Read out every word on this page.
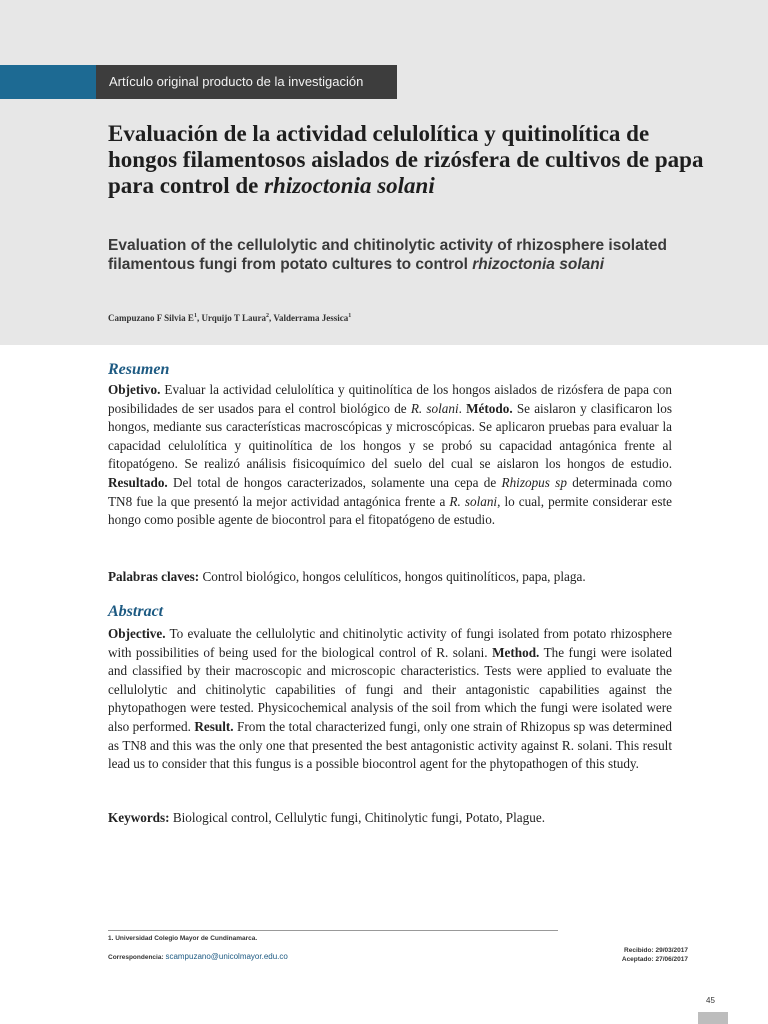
Artículo original producto de la investigación
Evaluación de la actividad celulolítica y quitinolítica de hongos filamentosos aislados de rizósfera de cultivos de papa para control de rhizoctonia solani
Evaluation of the cellulolytic and chitinolytic activity of rhizosphere isolated filamentous fungi from potato cultures to control rhizoctonia solani
Campuzano F Silvia $E^1$, Urquijo T Laura$^2$, Valderrama Jessica$^1$
Resumen

Objetivo. Evaluar la actividad celulolítica y quitinolítica de los hongos aislados de rizósfera de papa con posibilidades de ser usados para el control biológico de R. solani. Método. Se aislaron y clasificaron los hongos, mediante sus características macroscópicas y microscópicas. Se aplicaron pruebas para evaluar la capacidad celulolítica y quitinolítica de los hongos y se probó su capacidad antagónica frente al fitopatógeno. Se realizó análisis fisicoquímico del suelo del cual se aislaron los hongos de estudio. Resultado. Del total de hongos caracterizados, solamente una cepa de Rhizopus sp determinada como TN8 fue la que presentó la mejor actividad antagónica frente a R. solani, lo cual, permite considerar este hongo como posible agente de biocontrol para el fitopatógeno de estudio.

Palabras claves: Control biológico, hongos celulíticos, hongos quitinolíticos, papa, plaga.

Abstract

Objective. To evaluate the cellulolytic and chitinolytic activity of fungi isolated from potato rhizosphere with possibilities of being used for the biological control of R. solani. Method. The fungi were isolated and classified by their macroscopic and microscopic characteristics. Tests were applied to evaluate the cellulolytic and chitinolytic capabilities of fungi and their antagonistic capabilities against the phytopathogen were tested. Physicochemical analysis of the soil from which the fungi were isolated were also performed. Result. From the total characterized fungi, only one strain of Rhizopus sp was determined as TN8 and this was the only one that presented the best antagonistic activity against R. solani. This result lead us to consider that this fungus is a possible biocontrol agent for the phytopathogen of this study.

Keywords: Biological control, Cellulytic fungi, Chitinolytic fungi, Potato, Plague.

1. Universidad Colegio Mayor de Cundinamarca.
Correspondencia: scampuzano@unicolmayor.edu.co
Recibido: 29/03/2017
Aceptado: 27/06/2017
45
